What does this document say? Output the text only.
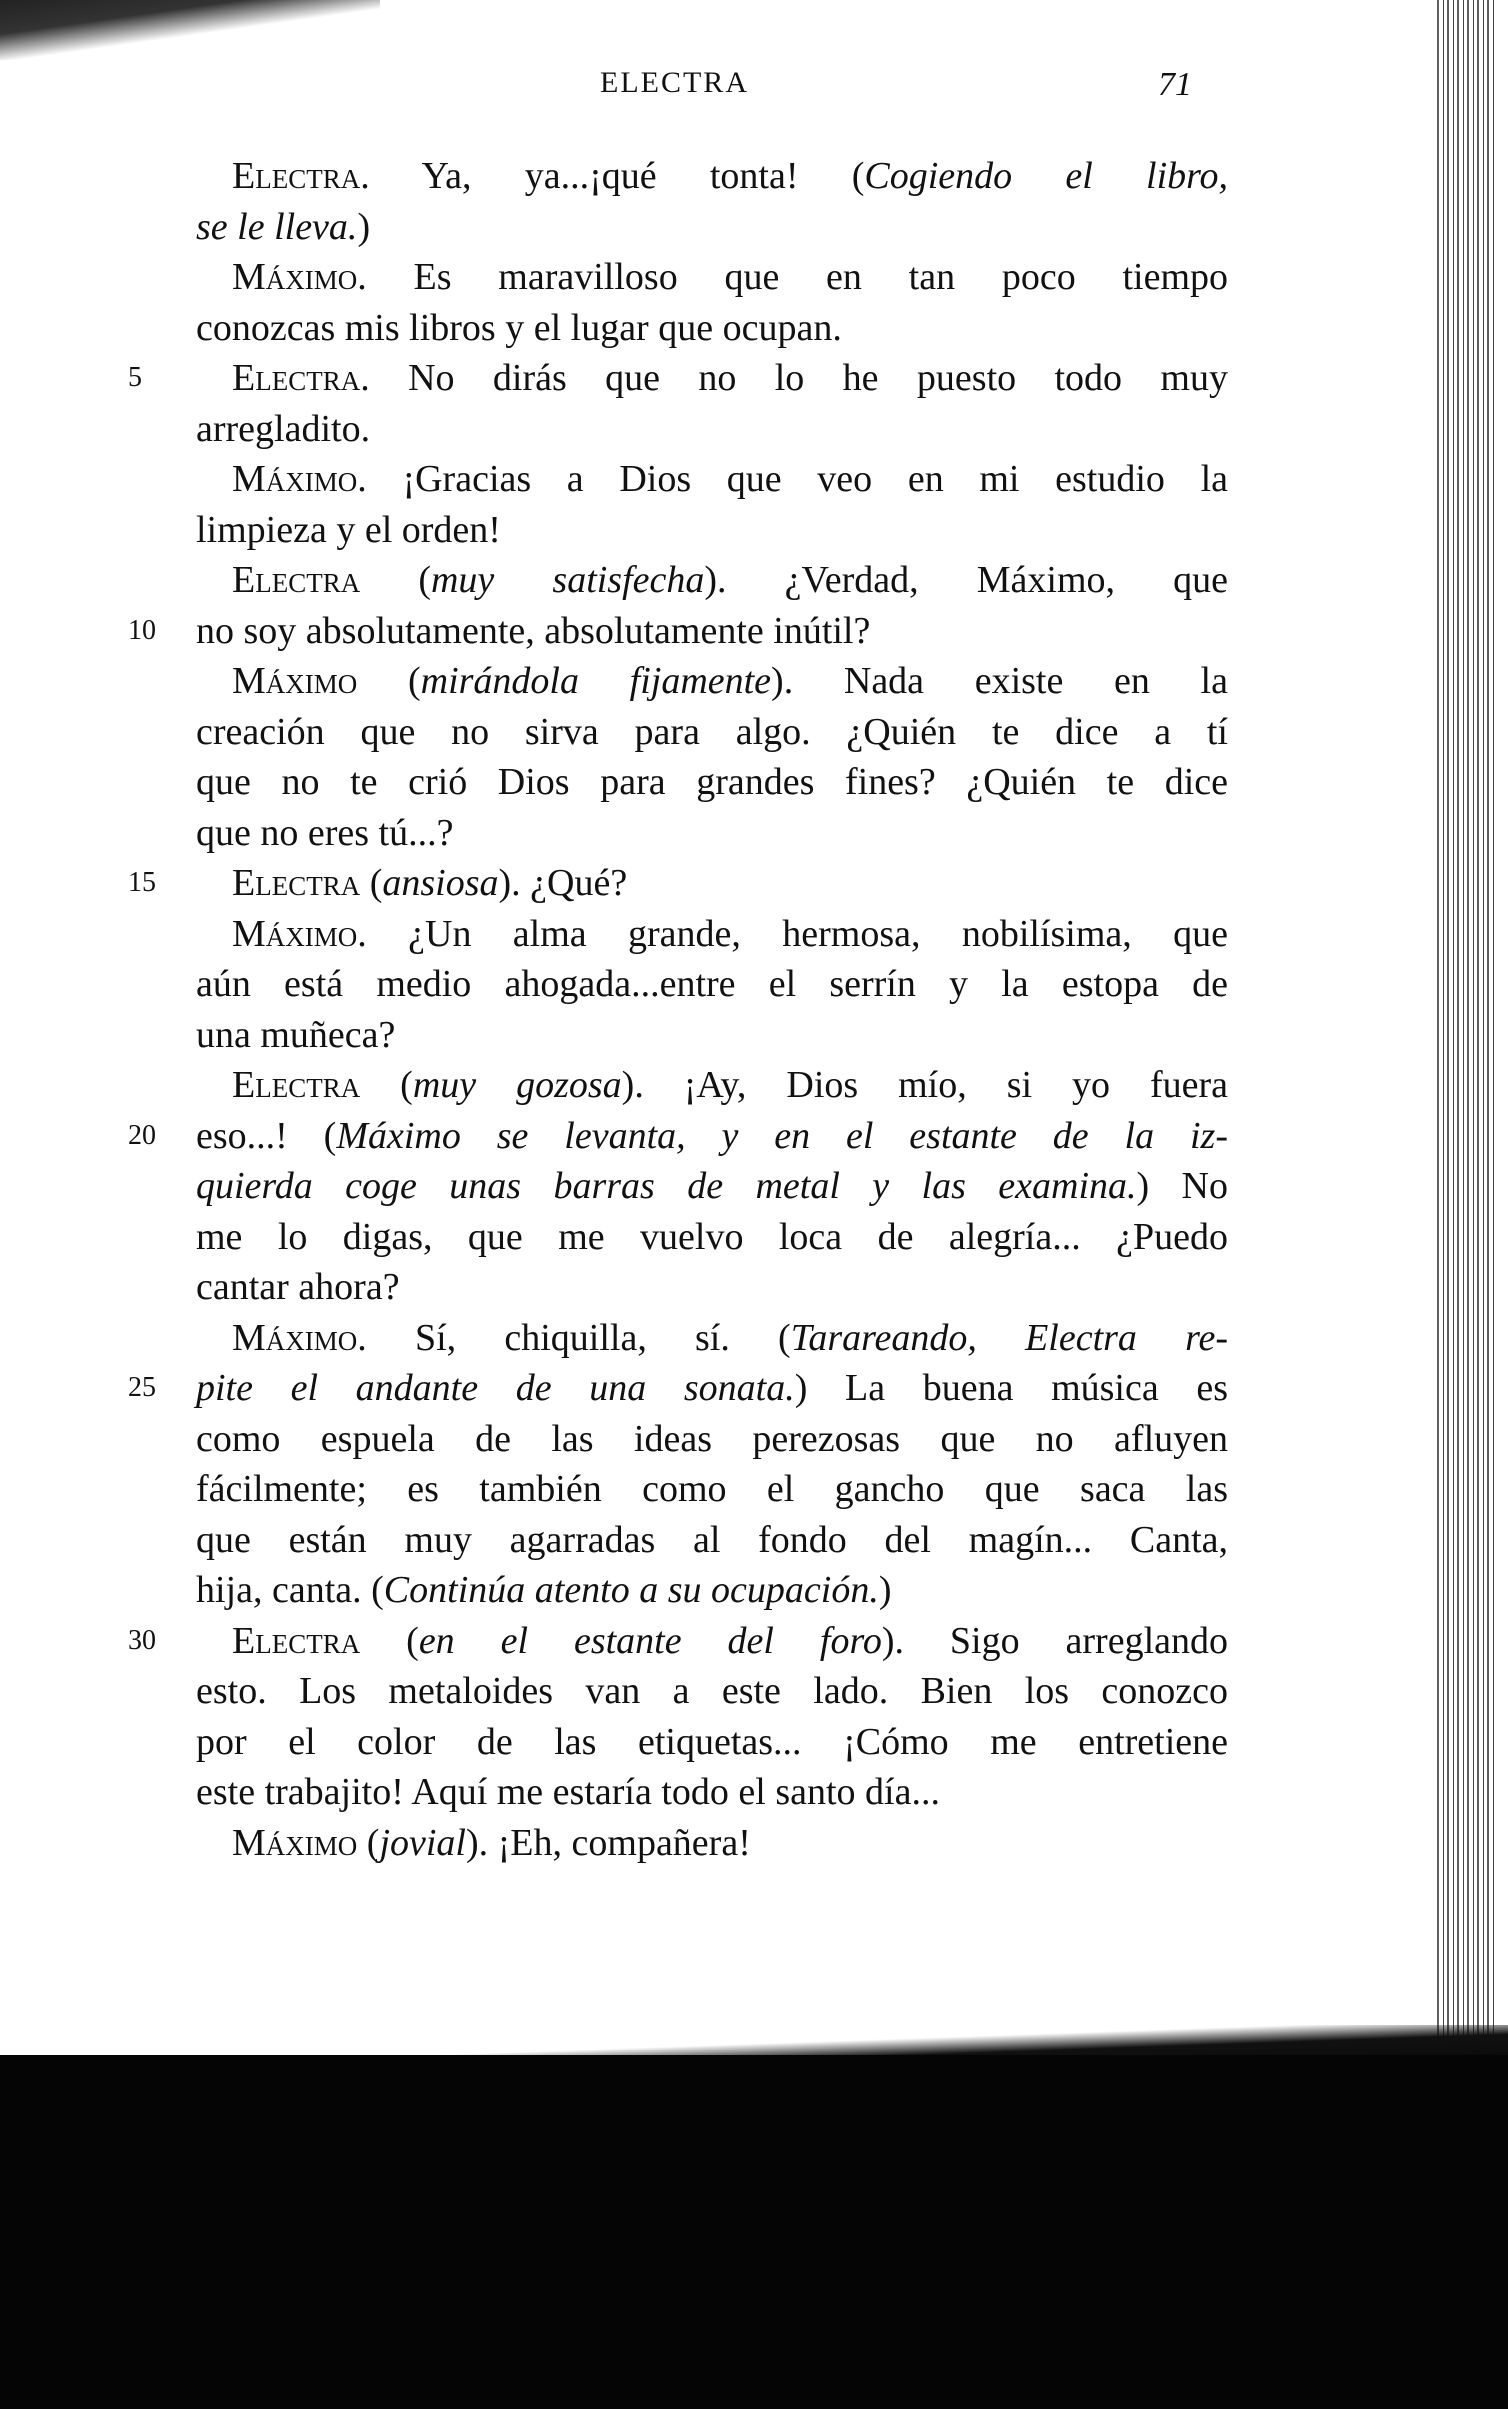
ELECTRA	71
Electra. Ya, ya...¡qué tonta! (Cogiendo el libro,
se le lleva.)
Máximo. Es maravilloso que en tan poco tiempo
conozcas mis libros y el lugar que ocupan.
Electra. No dirás que no lo he puesto todo muy
5
arregladito.
Máximo. ¡Gracias a Dios que veo en mi estudio la
limpieza y el orden!
Electra (muy satisfecha). ¿Verdad, Máximo, que
no soy absolutamente, absolutamente inútil?
10
Máximo (mirándola fijamente). Nada existe en la
creación que no sirva para algo. ¿Quién te dice a tí
que no te crió Dios para grandes fines? ¿Quién te dice
que no eres tú...?
Electra (ansiosa). ¿Qué?
15
Máximo. ¿Un alma grande, hermosa, nobilísima, que
aún está medio ahogada...entre el serrín y la estopa de
una muñeca?
Electra (muy gozosa). ¡Ay, Dios mío, si yo fuera
eso...! (Máximo se levanta, y en el estante de la iz-
20
quierda coge unas barras de metal y las examina.) No
me lo digas, que me vuelvo loca de alegría... ¿Puedo
cantar ahora?
Máximo. Sí, chiquilla, sí. (Tarareando, Electra re-
pite el andante de una sonata.) La buena música es
25
como espuela de las ideas perezosas que no afluyen
fácilmente; es también como el gancho que saca las
que están muy agarradas al fondo del magín... Canta,
hija, canta. (Continúa atento a su ocupación.)
Electra (en el estante del foro). Sigo arreglando
30
esto. Los metaloides van a este lado. Bien los conozco
por el color de las etiquetas... ¡Cómo me entretiene
este trabajito! Aquí me estaría todo el santo día...
Máximo (jovial). ¡Eh, compañera!
